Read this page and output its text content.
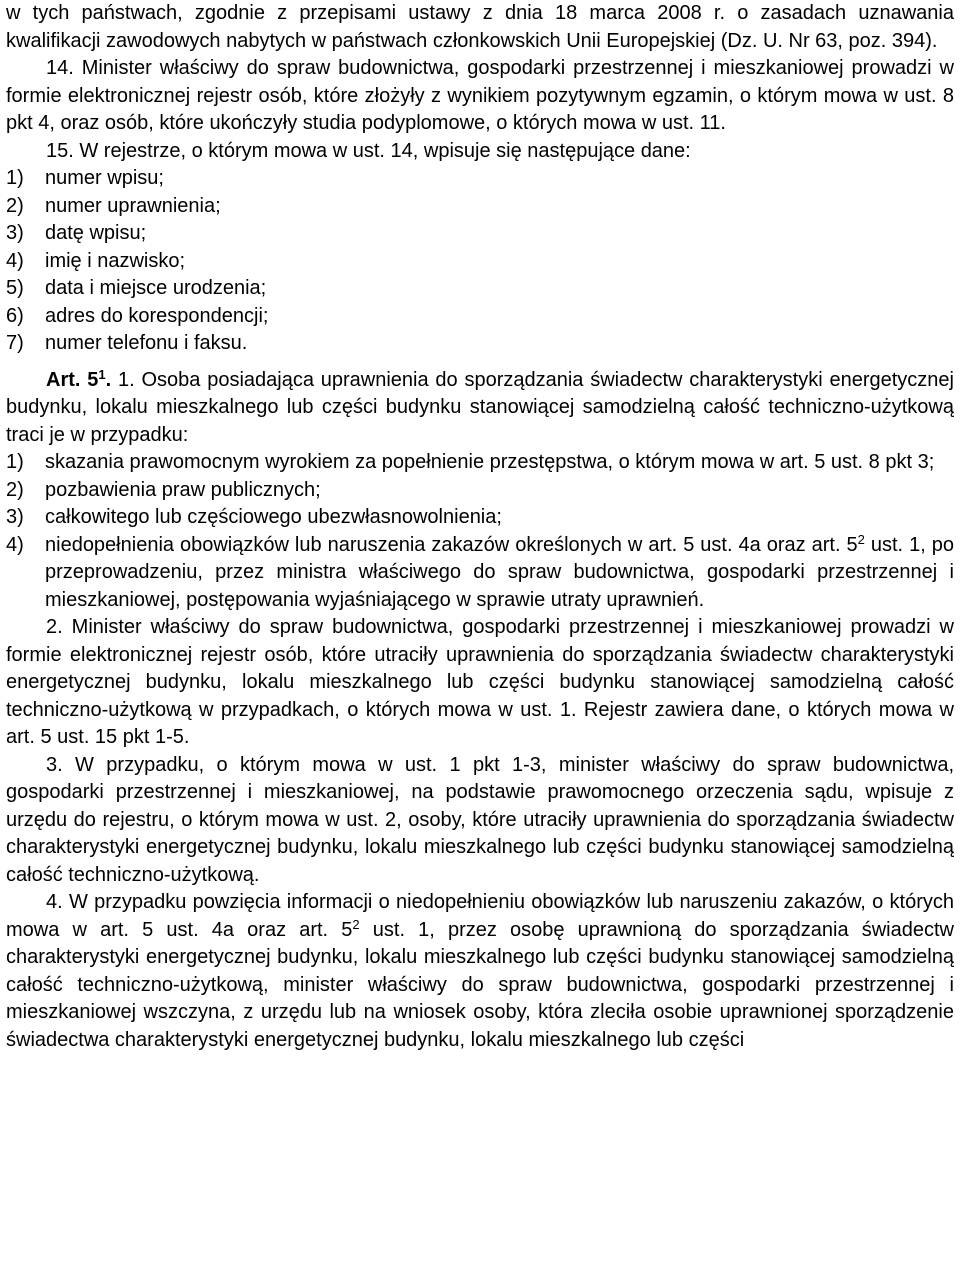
w tych państwach, zgodnie z przepisami ustawy z dnia 18 marca 2008 r. o zasadach uznawania kwalifikacji zawodowych nabytych w państwach członkowskich Unii Europejskiej (Dz. U. Nr 63, poz. 394).

14. Minister właściwy do spraw budownictwa, gospodarki przestrzennej i mieszkaniowej prowadzi w formie elektronicznej rejestr osób, które złożyły z wynikiem pozytywnym egzamin, o którym mowa w ust. 8 pkt 4, oraz osób, które ukończyły studia podyplomowe, o których mowa w ust. 11.

15. W rejestrze, o którym mowa w ust. 14, wpisuje się następujące dane:

1)	numer wpisu;
2)	numer uprawnienia;
3)	datę wpisu;
4)	imię i nazwisko;
5)	data i miejsce urodzenia;
6)	adres do korespondencji;
7)	numer telefonu i faksu.

Art. $5^1$. 1. Osoba posiadająca uprawnienia do sporządzania świadectw charakterystyki energetycznej budynku, lokalu mieszkalnego lub części budynku stanowiącej samodzielną całość techniczno-użytkową traci je w przypadku:

1)	skazania prawomocnym wyrokiem za popełnienie przestępstwa, o którym mowa w art. 5 ust. 8 pkt 3;
2)	pozbawienia praw publicznych;
3)	całkowitego lub częściowego ubezwłasnowolnienia;
4)	niedopełnienia obowiązków lub naruszenia zakazów określonych w art. 5 ust. 4a oraz art. $5^2$ ust. 1, po przeprowadzeniu, przez ministra właściwego do spraw budownictwa, gospodarki przestrzennej i mieszkaniowej, postępowania wyjaśniającego w sprawie utraty uprawnień.

2. Minister właściwy do spraw budownictwa, gospodarki przestrzennej i mieszkaniowej prowadzi w formie elektronicznej rejestr osób, które utraciły uprawnienia do sporządzania świadectw charakterystyki energetycznej budynku, lokalu mieszkalnego lub części budynku stanowiącej samodzielną całość techniczno-użytkową w przypadkach, o których mowa w ust. 1. Rejestr zawiera dane, o których mowa w art. 5 ust. 15 pkt 1-5.

3. W przypadku, o którym mowa w ust. 1 pkt 1-3, minister właściwy do spraw budownictwa, gospodarki przestrzennej i mieszkaniowej, na podstawie prawomocnego orzeczenia sądu, wpisuje z urzędu do rejestru, o którym mowa w ust. 2, osoby, które utraciły uprawnienia do sporządzania świadectw charakterystyki energetycznej budynku, lokalu mieszkalnego lub części budynku stanowiącej samodzielną całość techniczno-użytkową.

4. W przypadku powzięcia informacji o niedopełnieniu obowiązków lub naruszeniu zakazów, o których mowa w art. 5 ust. 4a oraz art. $5^2$ ust. 1, przez osobę uprawnioną do sporządzania świadectw charakterystyki energetycznej budynku, lokalu mieszkalnego lub części budynku stanowiącej samodzielną całość techniczno-użytkową, minister właściwy do spraw budownictwa, gospodarki przestrzennej i mieszkaniowej wszczyna, z urzędu lub na wniosek osoby, która zleciła osobie uprawnionej sporządzenie świadectwa charakterystyki energetycznej budynku, lokalu mieszkalnego lub części
